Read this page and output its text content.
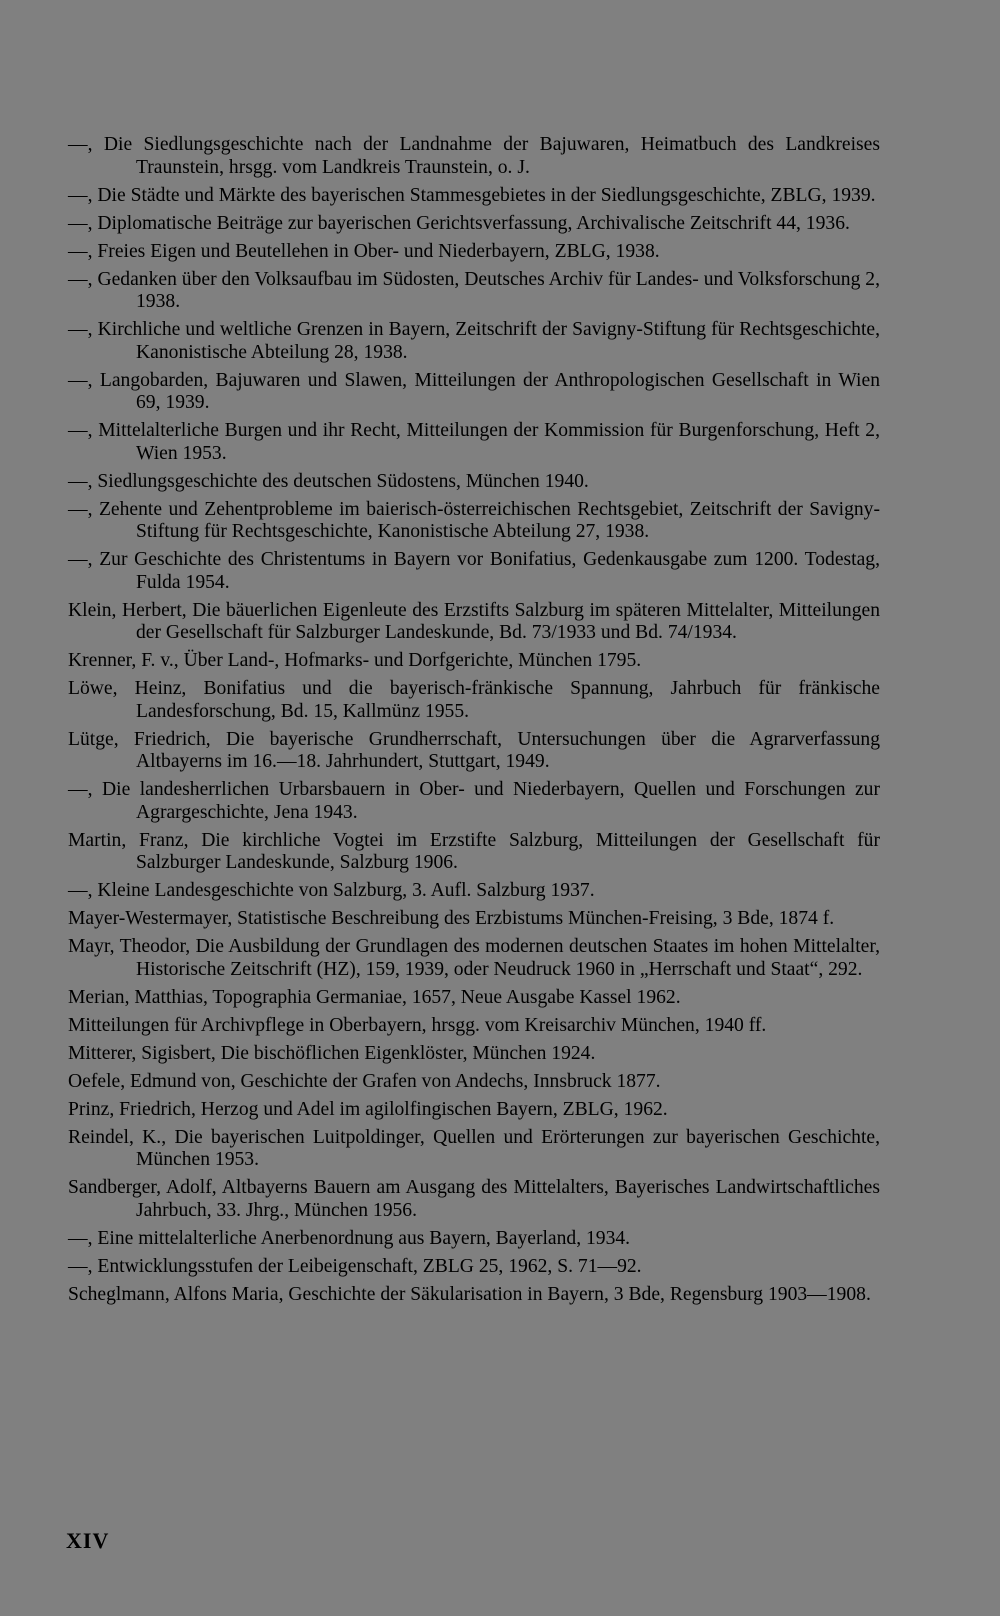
—, Die Siedlungsgeschichte nach der Landnahme der Bajuwaren, Heimatbuch des Landkreises Traunstein, hrsgg. vom Landkreis Traunstein, o. J.
—, Die Städte und Märkte des bayerischen Stammesgebietes in der Siedlungsgeschichte, ZBLG, 1939.
—, Diplomatische Beiträge zur bayerischen Gerichtsverfassung, Archivalische Zeitschrift 44, 1936.
—, Freies Eigen und Beutellehen in Ober- und Niederbayern, ZBLG, 1938.
—, Gedanken über den Volksaufbau im Südosten, Deutsches Archiv für Landes- und Volksforschung 2, 1938.
—, Kirchliche und weltliche Grenzen in Bayern, Zeitschrift der Savigny-Stiftung für Rechtsgeschichte, Kanonistische Abteilung 28, 1938.
—, Langobarden, Bajuwaren und Slawen, Mitteilungen der Anthropologischen Gesellschaft in Wien 69, 1939.
—, Mittelalterliche Burgen und ihr Recht, Mitteilungen der Kommission für Burgenforschung, Heft 2, Wien 1953.
—, Siedlungsgeschichte des deutschen Südostens, München 1940.
—, Zehente und Zehentprobleme im baierisch-österreichischen Rechtsgebiet, Zeitschrift der Savigny-Stiftung für Rechtsgeschichte, Kanonistische Abteilung 27, 1938.
—, Zur Geschichte des Christentums in Bayern vor Bonifatius, Gedenkausgabe zum 1200. Todestag, Fulda 1954.
Klein, Herbert, Die bäuerlichen Eigenleute des Erzstifts Salzburg im späteren Mittelalter, Mitteilungen der Gesellschaft für Salzburger Landeskunde, Bd. 73/1933 und Bd. 74/1934.
Krenner, F. v., Über Land-, Hofmarks- und Dorfgerichte, München 1795.
Löwe, Heinz, Bonifatius und die bayerisch-fränkische Spannung, Jahrbuch für fränkische Landesforschung, Bd. 15, Kallmünz 1955.
Lütge, Friedrich, Die bayerische Grundherrschaft, Untersuchungen über die Agrarverfassung Altbayerns im 16.—18. Jahrhundert, Stuttgart, 1949.
—, Die landesherrlichen Urbarsbauern in Ober- und Niederbayern, Quellen und Forschungen zur Agrargeschichte, Jena 1943.
Martin, Franz, Die kirchliche Vogtei im Erzstifte Salzburg, Mitteilungen der Gesellschaft für Salzburger Landeskunde, Salzburg 1906.
—, Kleine Landesgeschichte von Salzburg, 3. Aufl. Salzburg 1937.
Mayer-Westermayer, Statistische Beschreibung des Erzbistums München-Freising, 3 Bde, 1874 f.
Mayr, Theodor, Die Ausbildung der Grundlagen des modernen deutschen Staates im hohen Mittelalter, Historische Zeitschrift (HZ), 159, 1939, oder Neudruck 1960 in „Herrschaft und Staat“, 292.
Merian, Matthias, Topographia Germaniae, 1657, Neue Ausgabe Kassel 1962.
Mitteilungen für Archivpflege in Oberbayern, hrsgg. vom Kreisarchiv München, 1940 ff.
Mitterer, Sigisbert, Die bischöflichen Eigenklöster, München 1924.
Oefele, Edmund von, Geschichte der Grafen von Andechs, Innsbruck 1877.
Prinz, Friedrich, Herzog und Adel im agilolfingischen Bayern, ZBLG, 1962.
Reindel, K., Die bayerischen Luitpoldinger, Quellen und Erörterungen zur bayerischen Geschichte, München 1953.
Sandberger, Adolf, Altbayerns Bauern am Ausgang des Mittelalters, Bayerisches Landwirtschaftliches Jahrbuch, 33. Jhrg., München 1956.
—, Eine mittelalterliche Anerbenordnung aus Bayern, Bayerland, 1934.
—, Entwicklungsstufen der Leibeigenschaft, ZBLG 25, 1962, S. 71—92.
Scheglmann, Alfons Maria, Geschichte der Säkularisation in Bayern, 3 Bde, Regensburg 1903—1908.
XIV
